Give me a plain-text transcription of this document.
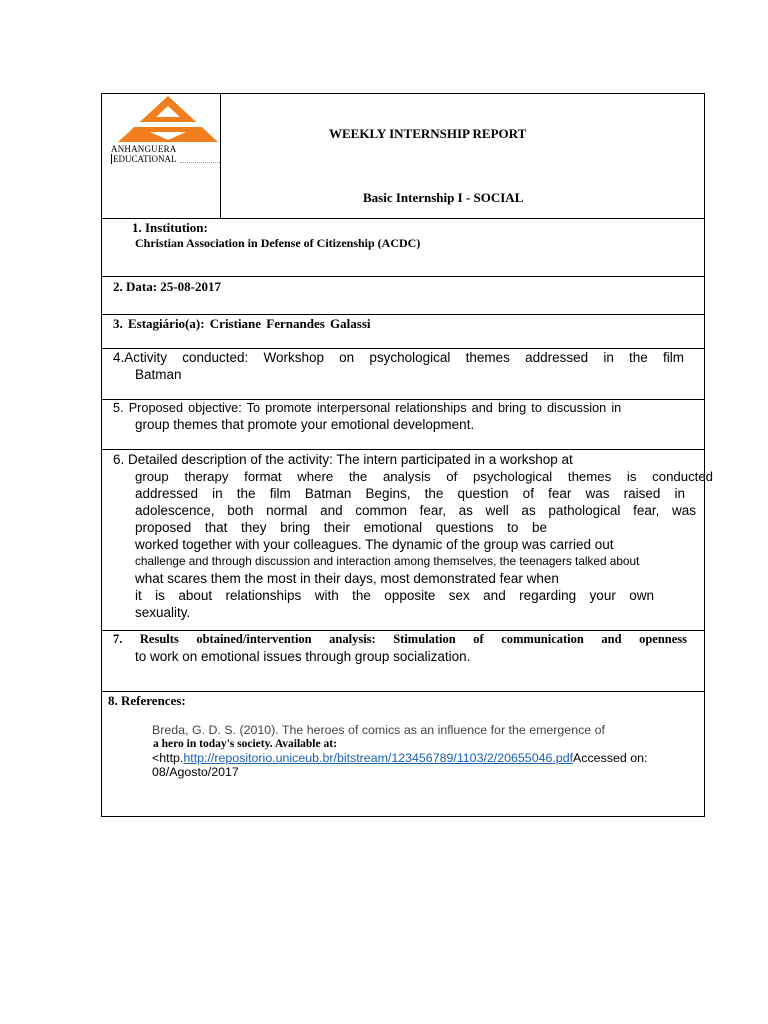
ANHANGUERA
EDUCATIONAL
WEEKLY INTERNSHIP REPORT
Basic Internship I - SOCIAL
1. Institution:
Christian Association in Defense of Citizenship (ACDC)
2. Data: 25-08-2017
3. Estagiário(a): Cristiane Fernandes Galassi
4.Activity conducted: Workshop on psychological themes addressed in the film
Batman
5. Proposed objective: To promote interpersonal relationships and bring to discussion in
group themes that promote your emotional development.
6. Detailed description of the activity: The intern participated in a workshop at
group therapy format where the analysis of psychological themes is conducted
addressed in the film Batman Begins, the question of fear was raised in
adolescence, both normal and common fear, as well as pathological fear, was
proposed that they bring their emotional questions to be
worked together with your colleagues. The dynamic of the group was carried out
challenge and through discussion and interaction among themselves, the teenagers talked about
what scares them the most in their days, most demonstrated fear when
it is about relationships with the opposite sex and regarding your own
sexuality.
7. Results obtained/intervention analysis: Stimulation of communication and openness
to work on emotional issues through group socialization.
8. References:
Breda, G. D. S. (2010). The heroes of comics as an influence for the emergence of
a hero in today's society. Available at:
<http.http://repositorio.uniceub.br/bitstream/123456789/1103/2/20655046.pdfAccessed on:
08/Agosto/2017
